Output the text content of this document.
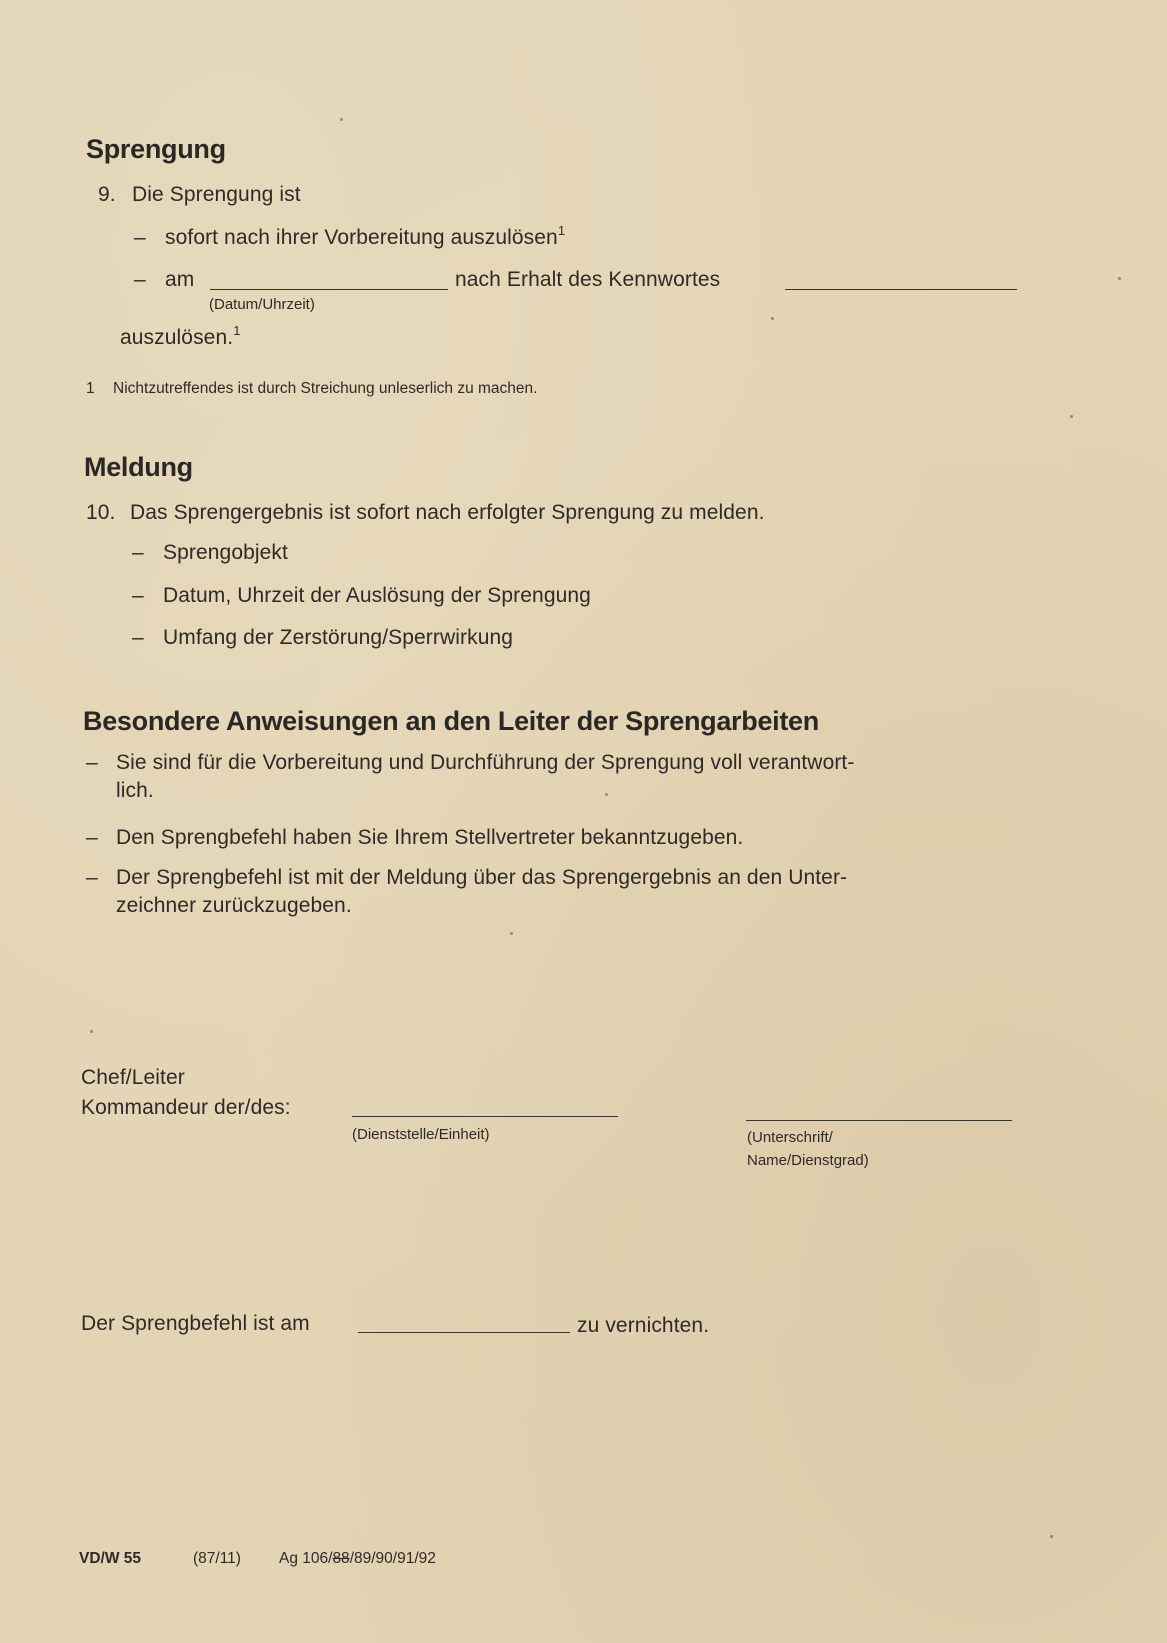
Sprengung
9. Die Sprengung ist
– sofort nach ihrer Vorbereitung auszulösen$^1$
– am
(Datum/Uhrzeit)
nach Erhalt des Kennwortes
auszulösen.$^1$
1 Nichtzutreffendes ist durch Streichung unleserlich zu machen.
Meldung
10. Das Sprengergebnis ist sofort nach erfolgter Sprengung zu melden.
– Sprengobjekt
– Datum, Uhrzeit der Auslösung der Sprengung
– Umfang der Zerstörung/Sperrwirkung
Besondere Anweisungen an den Leiter der Sprengarbeiten
– Sie sind für die Vorbereitung und Durchführung der Sprengung voll verantwort-
lich.
– Den Sprengbefehl haben Sie Ihrem Stellvertreter bekanntzugeben.
– Der Sprengbefehl ist mit der Meldung über das Sprengergebnis an den Unter-
zeichner zurückzugeben.
Chef/Leiter
Kommandeur der/des:
(Dienststelle/Einheit)	(Unterschrift/
Name/Dienstgrad)
Der Sprengbefehl ist am	zu vernichten.
VD/W 55	(87/11) Ag 106/88/89/90/91/92
